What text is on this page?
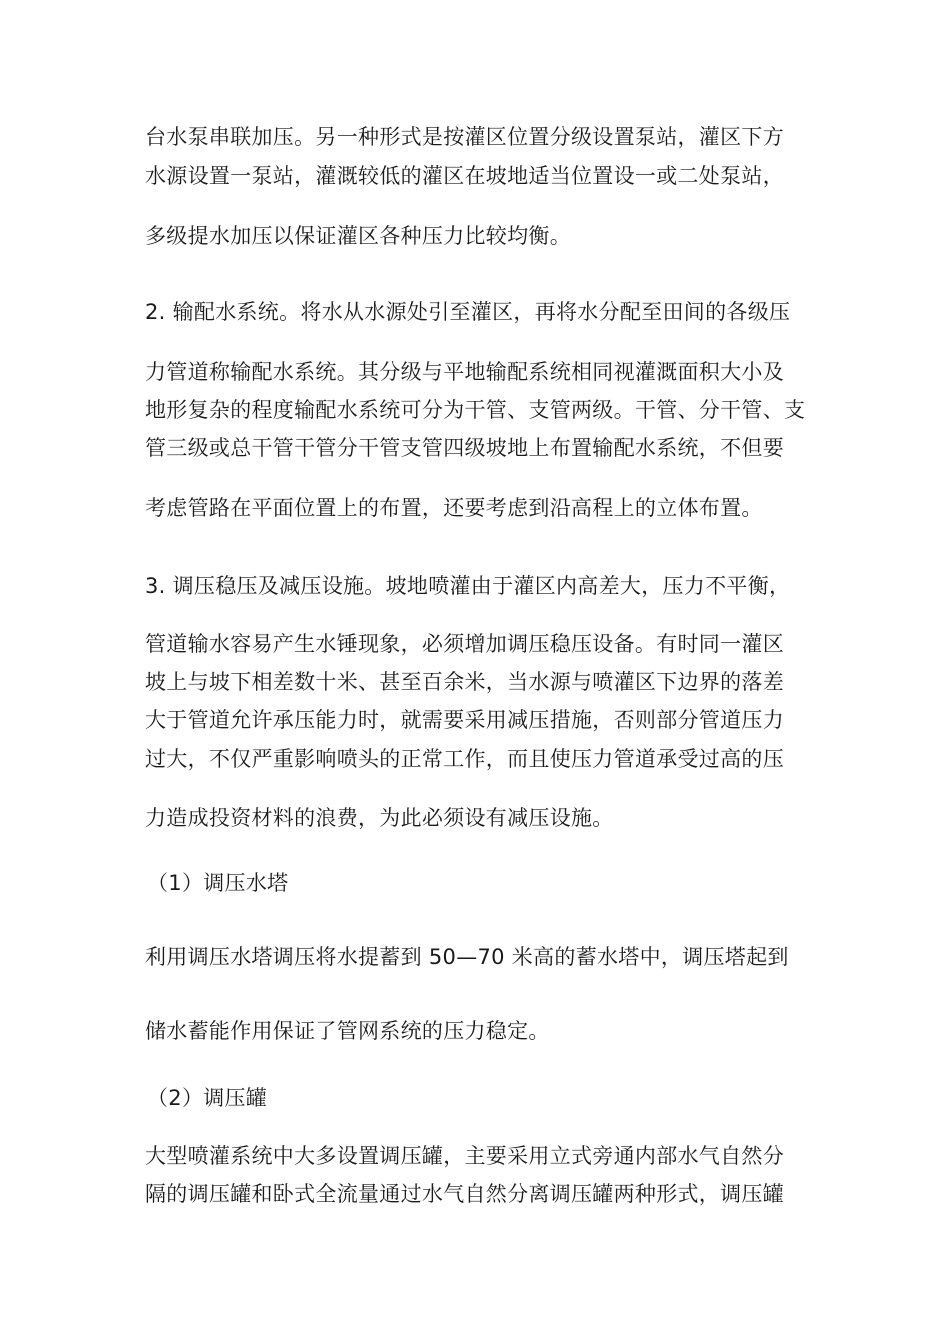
台水泵串联加压。另一种形式是按灌区位置分级设置泵站，灌区下方
水源设置一泵站，灌溉较低的灌区在坡地适当位置设一或二处泵站，
多级提水加压以保证灌区各种压力比较均衡。
2. 输配水系统。将水从水源处引至灌区，再将水分配至田间的各级压
力管道称输配水系统。其分级与平地输配系统相同视灌溉面积大小及
地形复杂的程度输配水系统可分为干管、支管两级。干管、分干管、支
管三级或总干管干管分干管支管四级坡地上布置输配水系统，不但要
考虑管路在平面位置上的布置，还要考虑到沿高程上的立体布置。
3. 调压稳压及减压设施。坡地喷灌由于灌区内高差大，压力不平衡，
管道输水容易产生水锤现象，必须增加调压稳压设备。有时同一灌区
坡上与坡下相差数十米、甚至百余米，当水源与喷灌区下边界的落差
大于管道允许承压能力时，就需要采用减压措施，否则部分管道压力
过大，不仅严重影响喷头的正常工作，而且使压力管道承受过高的压
力造成投资材料的浪费，为此必须设有减压设施。
（1）调压水塔
利用调压水塔调压将水提蓄到 50—70 米高的蓄水塔中，调压塔起到
储水蓄能作用保证了管网系统的压力稳定。
（2）调压罐
大型喷灌系统中大多设置调压罐，主要采用立式旁通内部水气自然分
隔的调压罐和卧式全流量通过水气自然分离调压罐两种形式，调压罐
